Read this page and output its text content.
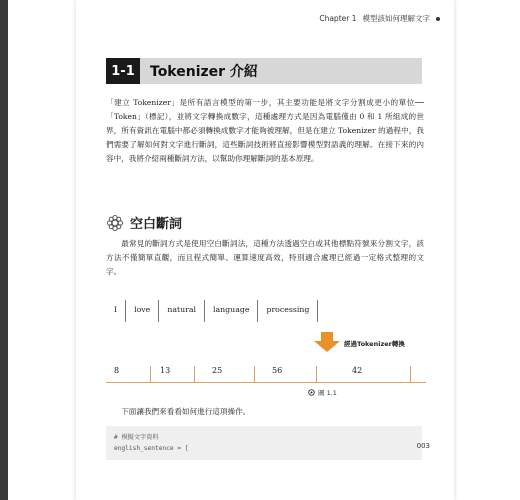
Chapter 1 模型該如何理解文字
1-1	Tokenizer 介紹

「建立 Tokenizer」是所有語言模型的第一步，其主要功能是將文字分割成更小的單位──「Token」（標記），並將文字轉換成數字，這種處理方式是因為電腦僅由 0 和 1 所組成的世界，所有資訊在電腦中都必須轉換成數字才能夠被理解，但是在建立 Tokenizer 的過程中，我們需要了解如何對文字進行斷詞，這些斷詞技術將直接影響模型對語義的理解。在接下來的內容中，我將介紹兩種斷詞方法，以幫助你理解斷詞的基本原理。

空白斷詞

最常見的斷詞方式是使用空白斷詞法，這種方法透過空白或其他標點符號來分割文字，該方法不僅簡單直觀，而且程式簡單、運算速度高效，特別適合處理已經過一定格式整理的文字。

I	love	natural	language	processing
經過Tokenizer轉換
8	13	25	56	42
圖 1.1

下面讓我們來看看如何進行這項操作。

# 模擬文字資料
english_sentence = [	003
